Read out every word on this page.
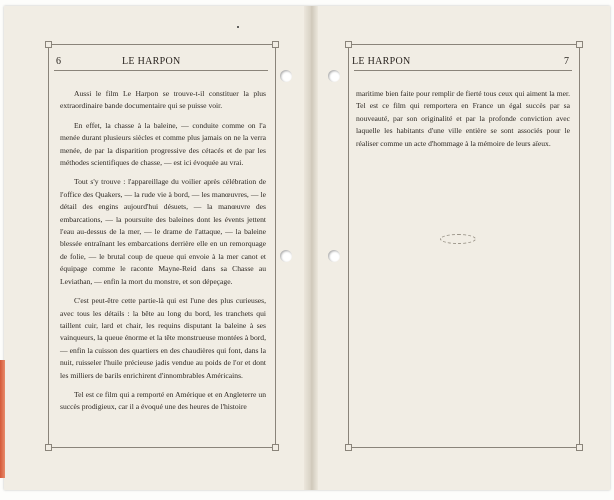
6	LE HARPON

Aussi le film Le Harpon se trouve-t-il constituer la plus extraordinaire bande documentaire qui se puisse voir.

En effet, la chasse à la baleine, — conduite comme on l'a menée durant plusieurs siècles et comme plus jamais on ne la verra menée, de par la disparition progressive des cétacés et de par les méthodes scientifiques de chasse, — est ici évoquée au vrai.

Tout s'y trouve : l'appareillage du voilier après célébration de l'office des Quakers, — la rude vie à bord, — les manœuvres, — le détail des engins aujourd'hui désuets, — la manœuvre des embarcations, — la poursuite des baleines dont les évents jettent l'eau au-dessus de la mer, — le drame de l'attaque, — la baleine blessée entraînant les embarcations derrière elle en un remorquage de folie, — le brutal coup de queue qui envoie à la mer canot et équipage comme le raconte Mayne-Reid dans sa Chasse au Leviathan, — enfin la mort du monstre, et son dépeçage.

C'est peut-être cette partie-là qui est l'une des plus curieuses, avec tous les détails : la bête au long du bord, les tranchets qui taillent cuir, lard et chair, les requins disputant la baleine à ses vainqueurs, la queue énorme et la tête monstrueuse montées à bord, — enfin la cuisson des quartiers en des chaudières qui font, dans la nuit, ruisseler l'huile précieuse jadis vendue au poids de l'or et dont les milliers de barils enrichirent d'innombrables Américains.

Tel est ce film qui a remporté en Amérique et en Angleterre un succès prodigieux, car il a évoqué une des heures de l'histoire

LE HARPON	7

maritime bien faite pour remplir de fierté tous ceux qui aiment la mer. Tel est ce film qui remportera en France un égal succès par sa nouveauté, par son originalité et par la profonde conviction avec laquelle les habitants d'une ville entière se sont associés pour le réaliser comme un acte d'hommage à la mémoire de leurs aïeux.
